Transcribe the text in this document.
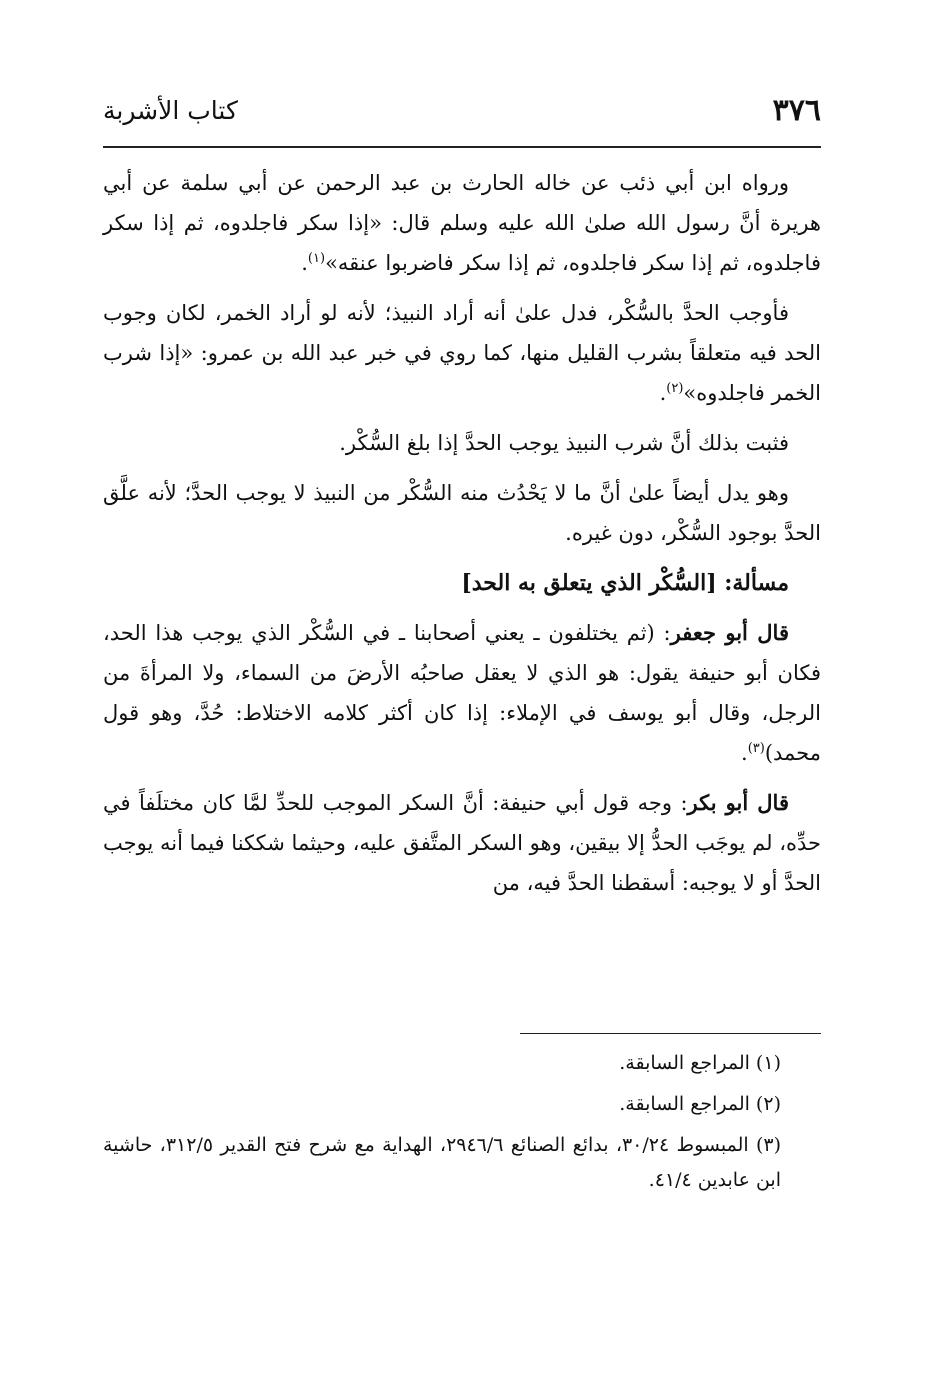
٣٧٦
كتاب الأشربة

ورواه ابن أبي ذئب عن خاله الحارث بن عبد الرحمن عن أبي سلمة عن أبي هريرة أنَّ رسول الله صلىٰ الله عليه وسلم قال: «إذا سكر فاجلدوه، ثم إذا سكر فاجلدوه، ثم إذا سكر فاجلدوه، ثم إذا سكر فاضربوا عنقه»$^{(١)}$.

فأوجب الحدَّ بالسُّكْر، فدل علىٰ أنه أراد النبيذ؛ لأنه لو أراد الخمر، لكان وجوب الحد فيه متعلقاً بشرب القليل منها، كما روي في خبر عبد الله بن عمرو: «إذا شرب الخمر فاجلدوه»$^{(٢)}$.

فثبت بذلك أنَّ شرب النبيذ يوجب الحدَّ إذا بلغ السُّكْر.

وهو يدل أيضاً علىٰ أنَّ ما لا يَحْدُث منه السُّكْر من النبيذ لا يوجب الحدَّ؛ لأنه علَّق الحدَّ بوجود السُّكْر، دون غيره.

مسألة: [السُّكْر الذي يتعلق به الحد]

قال أبو جعفر: (ثم يختلفون ـ يعني أصحابنا ـ في السُّكْر الذي يوجب هذا الحد، فكان أبو حنيفة يقول: هو الذي لا يعقل صاحبُه الأرضَ من السماء، ولا المرأةَ من الرجل، وقال أبو يوسف في الإملاء: إذا كان أكثر كلامه الاختلاط: حُدَّ، وهو قول محمد)$^{(٣)}$.

قال أبو بكر: وجه قول أبي حنيفة: أنَّ السكر الموجب للحدِّ لمَّا كان مختلَفاً في حدِّه، لم يوجَب الحدُّ إلا بيقين، وهو السكر المتَّفق عليه، وحيثما شككنا فيما أنه يوجب الحدَّ أو لا يوجبه: أسقطنا الحدَّ فيه، من

(١) المراجع السابقة.

(٢) المراجع السابقة.

(٣) المبسوط ٣٠/٢٤، بدائع الصنائع ٢٩٤٦/٦، الهداية مع شرح فتح القدير ٣١٢/٥، حاشية ابن عابدين ٤١/٤.
